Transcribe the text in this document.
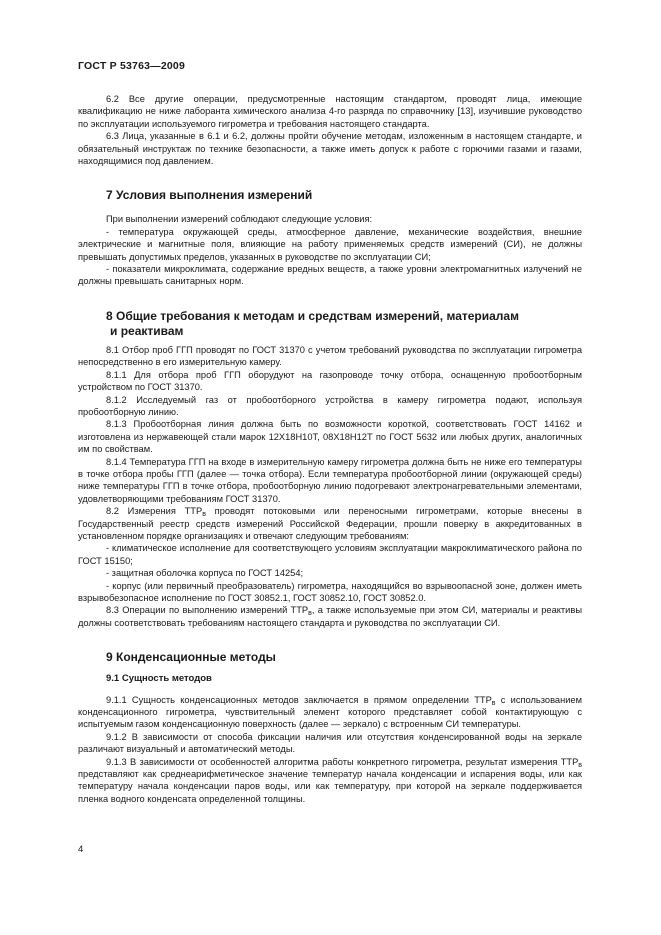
ГОСТ Р 53763—2009

6.2 Все другие операции, предусмотренные настоящим стандартом, проводят лица, имеющие квалификацию не ниже лаборанта химического анализа 4-го разряда по справочнику [13], изучившие руководство по эксплуатации используемого гигрометра и требования настоящего стандарта.

6.3 Лица, указанные в 6.1 и 6.2, должны пройти обучение методам, изложенным в настоящем стандарте, и обязательный инструктаж по технике безопасности, а также иметь допуск к работе с горючими газами и газами, находящимися под давлением.

7 Условия выполнения измерений

При выполнении измерений соблюдают следующие условия:

- температура окружающей среды, атмосферное давление, механические воздействия, внешние электрические и магнитные поля, влияющие на работу применяемых средств измерений (СИ), не должны превышать допустимых пределов, указанных в руководстве по эксплуатации СИ;

- показатели микроклимата, содержание вредных веществ, а также уровни электромагнитных излучений не должны превышать санитарных норм.

8 Общие требования к методам и средствам измерений, материалам
и реактивам

8.1 Отбор проб ГГП проводят по ГОСТ 31370 с учетом требований руководства по эксплуатации гигрометра непосредственно в его измерительную камеру.

8.1.1 Для отбора проб ГГП оборудуют на газопроводе точку отбора, оснащенную пробоотборным устройством по ГОСТ 31370.

8.1.2 Исследуемый газ от пробоотборного устройства в камеру гигрометра подают, используя пробоотборную линию.

8.1.3 Пробоотборная линия должна быть по возможности короткой, соответствовать ГОСТ 14162 и изготовлена из нержавеющей стали марок 12Х18Н10Т, 08Х18Н12Т по ГОСТ 5632 или любых других, аналогичных им по свойствам.

8.1.4 Температура ГГП на входе в измерительную камеру гигрометра должна быть не ниже его температуры в точке отбора пробы ГГП (далее — точка отбора). Если температура пробоотборной линии (окружающей среды) ниже температуры ГГП в точке отбора, пробоотборную линию подогревают электронагревательными элементами, удовлетворяющими требованиям ГОСТ 31370.

8.2 Измерения $ТТР_в$ проводят потоковыми или переносными гигрометрами, которые внесены в Государственный реестр средств измерений Российской Федерации, прошли поверку в аккредитованных в установленном порядке организациях и отвечают следующим требованиям:

- климатическое исполнение для соответствующего условиям эксплуатации макроклиматического района по ГОСТ 15150;

- защитная оболочка корпуса по ГОСТ 14254;

- корпус (или первичный преобразователь) гигрометра, находящийся во взрывоопасной зоне, должен иметь взрывобезопасное исполнение по ГОСТ 30852.1, ГОСТ 30852.10, ГОСТ 30852.0.

8.3 Операции по выполнению измерений $ТТР_в$, а также используемые при этом СИ, материалы и реактивы должны соответствовать требованиям настоящего стандарта и руководства по эксплуатации СИ.

9 Конденсационные методы
9.1 Сущность методов

9.1.1 Сущность конденсационных методов заключается в прямом определении $ТТР_в$ с использованием конденсационного гигрометра, чувствительный элемент которого представляет собой контактирующую с испытуемым газом конденсационную поверхность (далее — зеркало) с встроенным СИ температуры.

9.1.2 В зависимости от способа фиксации наличия или отсутствия конденсированной воды на зеркале различают визуальный и автоматический методы.

9.1.3 В зависимости от особенностей алгоритма работы конкретного гигрометра, результат измерения $ТТР_в$ представляют как среднеарифметическое значение температур начала конденсации и испарения воды, или как температуру начала конденсации паров воды, или как температуру, при которой на зеркале поддерживается пленка водного конденсата определенной толщины.

4
